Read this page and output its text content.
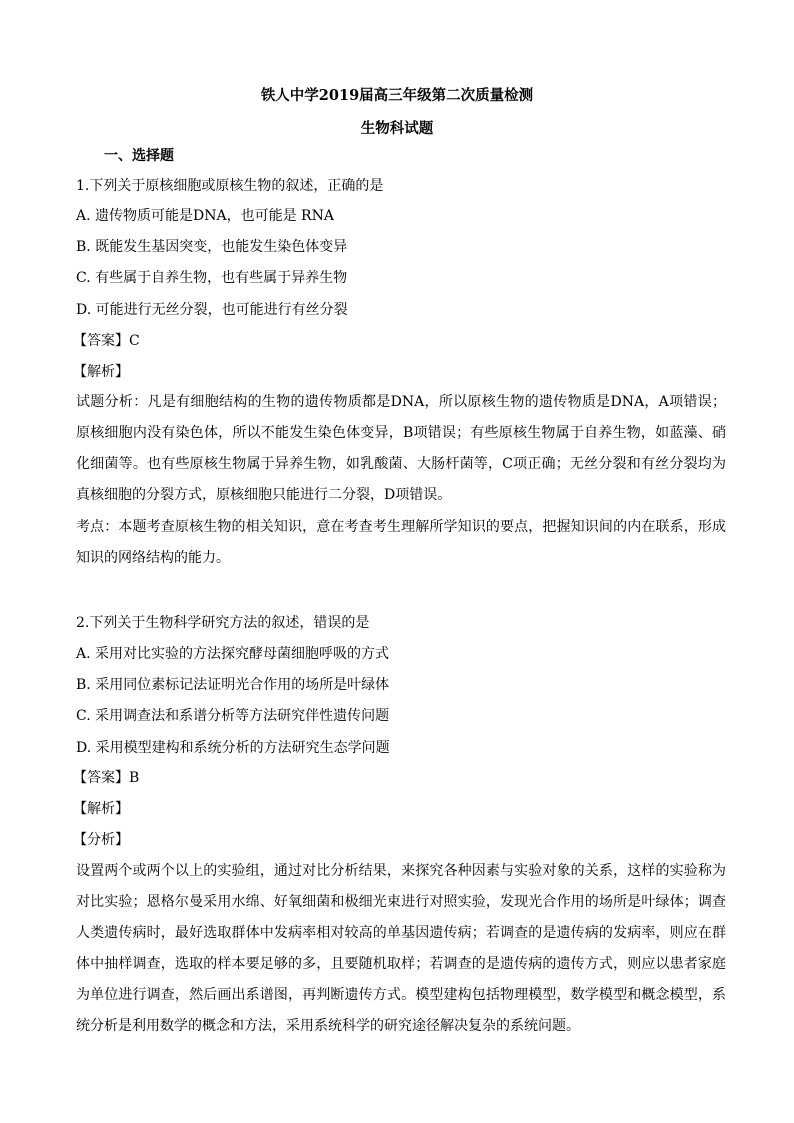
铁人中学2019届高三年级第二次质量检测
生物科试题
一、选择题
1.下列关于原核细胞或原核生物的叙述，正确的是
A. 遗传物质可能是DNA，也可能是 RNA
B. 既能发生基因突变，也能发生染色体变异
C. 有些属于自养生物，也有些属于异养生物
D. 可能进行无丝分裂，也可能进行有丝分裂
【答案】C
【解析】
试题分析：凡是有细胞结构的生物的遗传物质都是DNA，所以原核生物的遗传物质是DNA，A项错误；原核细胞内没有染色体，所以不能发生染色体变异，B项错误；有些原核生物属于自养生物，如蓝藻、硝化细菌等。也有些原核生物属于异养生物，如乳酸菌、大肠杆菌等，C项正确；无丝分裂和有丝分裂均为真核细胞的分裂方式，原核细胞只能进行二分裂，D项错误。
考点：本题考查原核生物的相关知识，意在考查考生理解所学知识的要点，把握知识间的内在联系，形成知识的网络结构的能力。
2.下列关于生物科学研究方法的叙述，错误的是
A. 采用对比实验的方法探究酵母菌细胞呼吸的方式
B. 采用同位素标记法证明光合作用的场所是叶绿体
C. 采用调查法和系谱分析等方法研究伴性遗传问题
D. 采用模型建构和系统分析的方法研究生态学问题
【答案】B
【解析】
【分析】
设置两个或两个以上的实验组，通过对比分析结果，来探究各种因素与实验对象的关系，这样的实验称为对比实验；恩格尔曼采用水绵、好氧细菌和极细光束进行对照实验，发现光合作用的场所是叶绿体；调查人类遗传病时，最好选取群体中发病率相对较高的单基因遗传病；若调查的是遗传病的发病率，则应在群体中抽样调查，选取的样本要足够的多，且要随机取样；若调查的是遗传病的遗传方式，则应以患者家庭为单位进行调查，然后画出系谱图，再判断遗传方式。模型建构包括物理模型，数学模型和概念模型，系统分析是利用数学的概念和方法，采用系统科学的研究途径解决复杂的系统问题。
